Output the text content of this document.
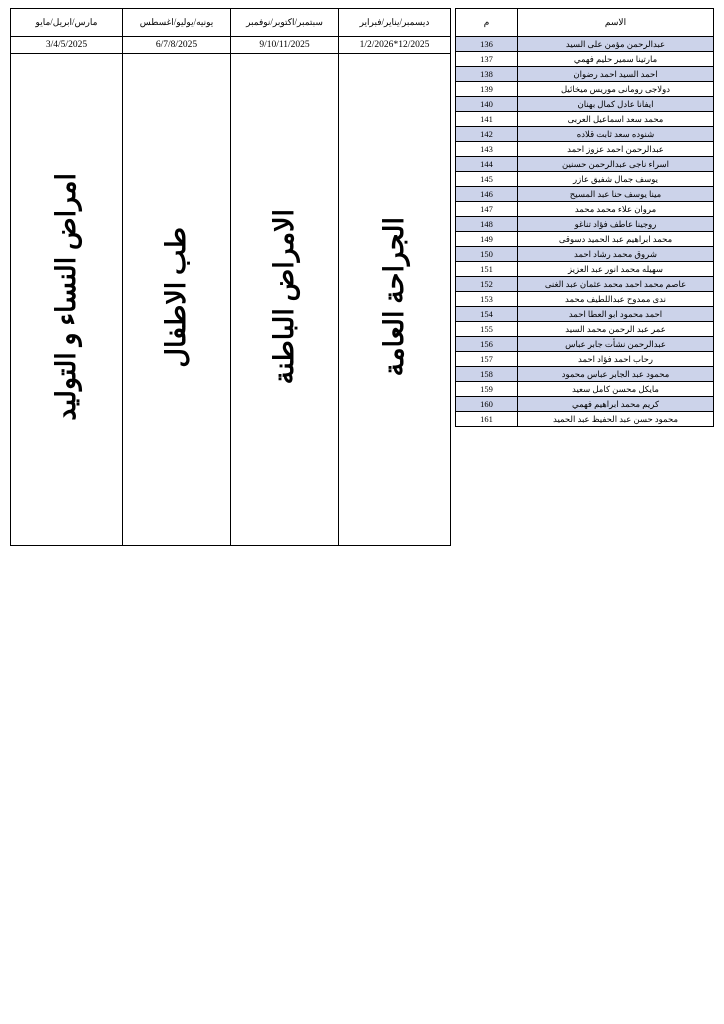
ديسمبر/يناير/فبراير	سبتمبر/اكتوبر/نوفمبر	يونيه/يوليو/اغسطس	مارس/ابريل/مايو
12/2025*1/2/2026	9/10/11/2025	6/7/8/2025	3/4/5/2025
الجراحة العامة	الامراض الباطنة	طب الاطفال	امراض النساء و التوليد
الاسم	م
عبدالرحمن مؤمن على السيد	136
مارتينا سمير حليم فهمي	137
احمد السيد احمد رضوان	138
دولاجى رومانى موريس ميخائيل	139
ايفانا عادل كمال بهنان	140
محمد سعد اسماعيل العربى	141
شنوده سعد ثابت قلاده	142
عبدالرحمن احمد عزوز احمد	143
اسراء ناجى عبدالرحمن حسنين	144
يوسف جمال شفيق عازر	145
مينا يوسف حنا عبد المسيح	146
مروان علاء محمد محمد	147
روجينا عاطف فؤاد تناغو	148
محمد ابراهيم عبد الحميد دسوقى	149
شروق محمد رشاد احمد	150
سهيله محمد انور عبد العزيز	151
عاصم محمد احمد محمد عثمان عبد الغنى	152
ندى ممدوح عبداللطيف محمد	153
احمد محمود ابو العطا احمد	154
عمر عبد الرحمن محمد السيد	155
عبدالرحمن نشأت جابر عباس	156
رحاب احمد فؤاد احمد	157
محمود عبد الجابر عباس محمود	158
مايكل محسن كامل سعيد	159
كريم محمد ابراهيم فهمي	160
محمود حسن عبد الحفيظ عبد الحميد	161
